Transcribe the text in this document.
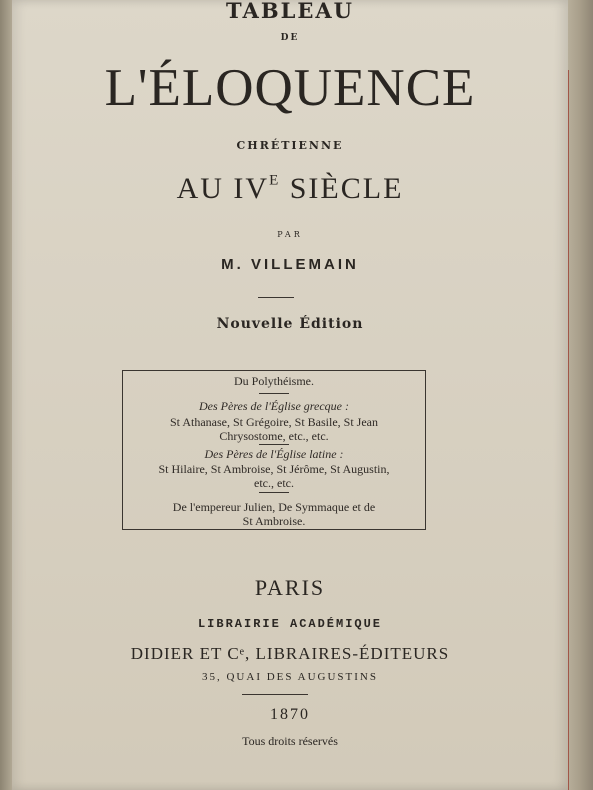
TABLEAU
DE
L'ÉLOQUENCE
CHRÉTIENNE
AU $IV^E$ SIÈCLE
PAR
M. VILLEMAIN
Nouvelle Édition
Du Polythéisme.
Des Pères de l'Église grecque :
St Athanase, St Grégoire, St Basile, St Jean
Chrysostome, etc., etc.
Des Pères de l'Église latine :
St Hilaire, St Ambroise, St Jérôme, St Augustin,
etc., etc.
De l'empereur Julien, De Symmaque et de
St Ambroise.
PARIS
LIBRAIRIE ACADÉMIQUE
DIDIER ET Cᵉ, LIBRAIRES-ÉDITEURS
35, QUAI DES AUGUSTINS
1870
Tous droits réservés
